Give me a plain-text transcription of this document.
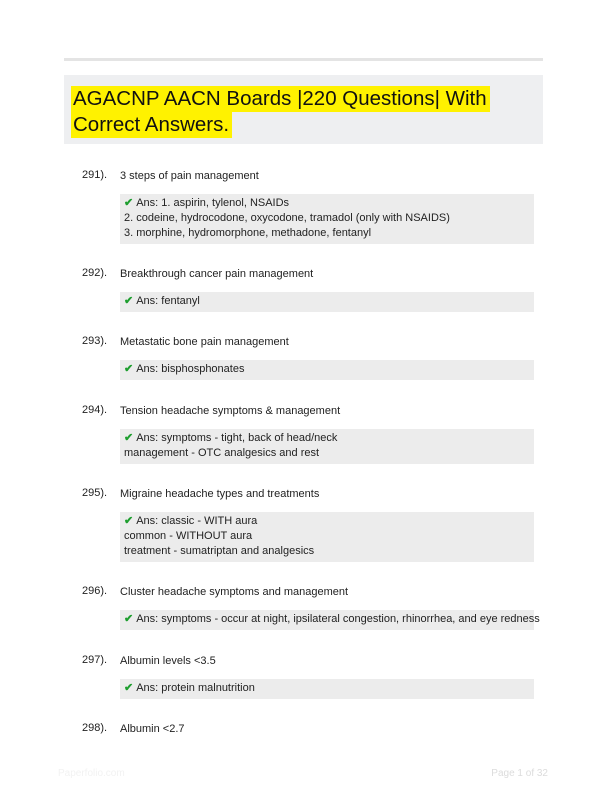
AGACNP AACN Boards |220 Questions| With Correct Answers.
291). 3 steps of pain management
✔ Ans: 1. aspirin, tylenol, NSAIDs
2. codeine, hydrocodone, oxycodone, tramadol (only with NSAIDS)
3. morphine, hydromorphone, methadone, fentanyl
292). Breakthrough cancer pain management
✔ Ans: fentanyl
293). Metastatic bone pain management
✔ Ans: bisphosphonates
294). Tension headache symptoms & management
✔ Ans: symptoms - tight, back of head/neck
management - OTC analgesics and rest
295). Migraine headache types and treatments
✔ Ans: classic - WITH aura
common - WITHOUT aura
treatment - sumatriptan and analgesics
296). Cluster headache symptoms and management
✔ Ans: symptoms - occur at night, ipsilateral congestion, rhinorrhea, and eye redness
297). Albumin levels <3.5
✔ Ans: protein malnutrition
298). Albumin <2.7
Paperfolio.com	Page 1 of 32
